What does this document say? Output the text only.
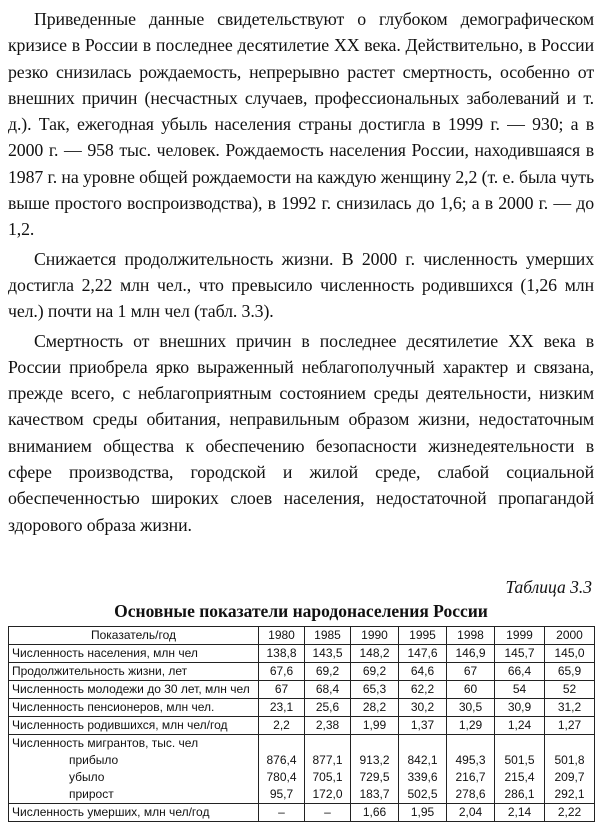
Приведенные данные свидетельствуют о глубоком демографическом кризисе в России в последнее десятилетие XX века. Действительно, в России резко снизилась рождаемость, непрерывно растет смертность, особенно от внешних причин (несчастных случаев, профессиональных заболеваний и т. д.). Так, ежегодная убыль населения страны достигла в 1999 г. — 930; а в 2000 г. — 958 тыс. человек. Рождаемость населения России, находившаяся в 1987 г. на уровне общей рождаемости на каждую женщину 2,2 (т. е. была чуть выше простого воспроизводства), в 1992 г. снизилась до 1,6; а в 2000 г. — до 1,2.

Снижается продолжительность жизни. В 2000 г. численность умерших достигла 2,22 млн чел., что превысило численность родившихся (1,26 млн чел.) почти на 1 млн чел (табл. 3.3).

Смертность от внешних причин в последнее десятилетие XX века в России приобрела ярко выраженный неблагополучный характер и связана, прежде всего, с неблагоприятным состоянием среды деятельности, низким качеством среды обитания, неправильным образом жизни, недостаточным вниманием общества к обеспечению безопасности жизнедеятельности в сфере производства, городской и жилой среде, слабой социальной обеспеченностью широких слоев населения, недостаточной пропагандой здорового образа жизни.

Таблица 3.3
Основные показатели народонаселения России
Показатель/год	1980	1985	1990	1995	1998	1999	2000
Численность населения, млн чел	138,8	143,5	148,2	147,6	146,9	145,7	145,0
Продолжительность жизни, лет	67,6	69,2	69,2	64,6	67	66,4	65,9
Численность молодежи до 30 лет, млн чел	67	68,4	65,3	62,2	60	54	52
Численность пенсионеров, млн чел.	23,1	25,6	28,2	30,2	30,5	30,9	31,2
Численность родившихся, млн чел/год	2,2	2,38	1,99	1,37	1,29	1,24	1,27
Численность мигрантов, тыс. чел							
прибыло	876,4	877,1	913,2	842,1	495,3	501,5	501,8
убыло	780,4	705,1	729,5	339,6	216,7	215,4	209,7
прирост	95,7	172,0	183,7	502,5	278,6	286,1	292,1
Численность умерших, млн чел/год	–	–	1,66	1,95	2,04	2,14	2,22
